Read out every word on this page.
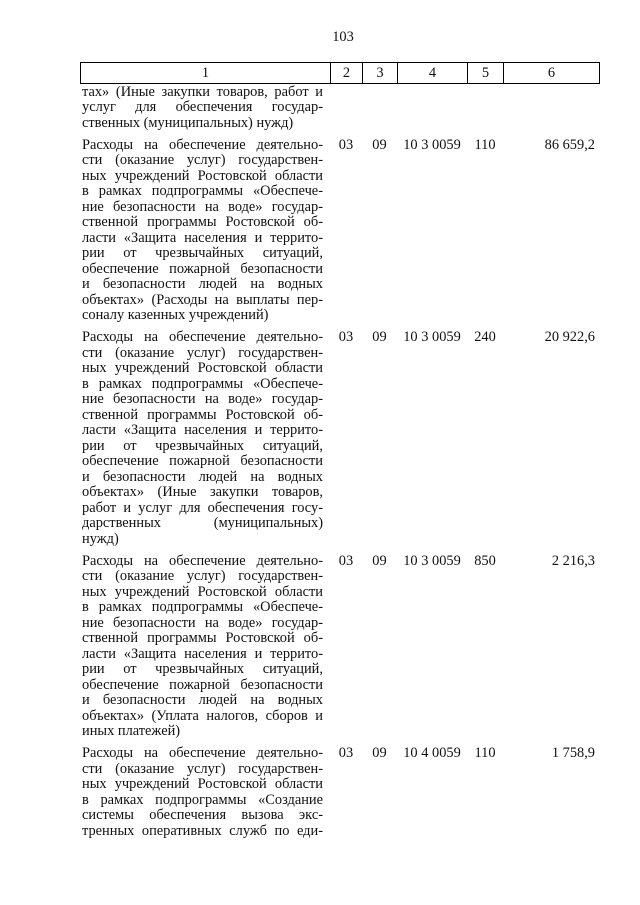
103
1	2	3	4	5	6
тах» (Иные закупки товаров, работ и
услуг для обеспечения государ-
ственных (муниципальных) нужд)
Расходы на обеспечение деятельно-
сти (оказание услуг) государствен-
ных учреждений Ростовской области
в рамках подпрограммы «Обеспече-
ние безопасности на воде» государ-
ственной программы Ростовской об-
ласти «Защита населения и террито-
рии от чрезвычайных ситуаций,
обеспечение пожарной безопасности
и безопасности людей на водных
объектах» (Расходы на выплаты пер-
соналу казенных учреждений)
03	09	10 3 0059 110	86 659,2
Расходы на обеспечение деятельно-
сти (оказание услуг) государствен-
ных учреждений Ростовской области
в рамках подпрограммы «Обеспече-
ние безопасности на воде» государ-
ственной программы Ростовской об-
ласти «Защита населения и террито-
рии от чрезвычайных ситуаций,
обеспечение пожарной безопасности
и безопасности людей на водных
объектах» (Иные закупки товаров,
работ и услуг для обеспечения госу-
дарственных (муниципальных)
нужд)
03	09	10 3 0059 240	20 922,6
Расходы на обеспечение деятельно-
сти (оказание услуг) государствен-
ных учреждений Ростовской области
в рамках подпрограммы «Обеспече-
ние безопасности на воде» государ-
ственной программы Ростовской об-
ласти «Защита населения и террито-
рии от чрезвычайных ситуаций,
обеспечение пожарной безопасности
и безопасности людей на водных
объектах» (Уплата налогов, сборов и
иных платежей)
03	09	10 3 0059 850	2 216,3
Расходы на обеспечение деятельно-
сти (оказание услуг) государствен-
ных учреждений Ростовской области
в рамках подпрограммы «Создание
системы обеспечения вызова экс-
тренных оперативных служб по еди-
03	09	10 4 0059 110	1 758,9
